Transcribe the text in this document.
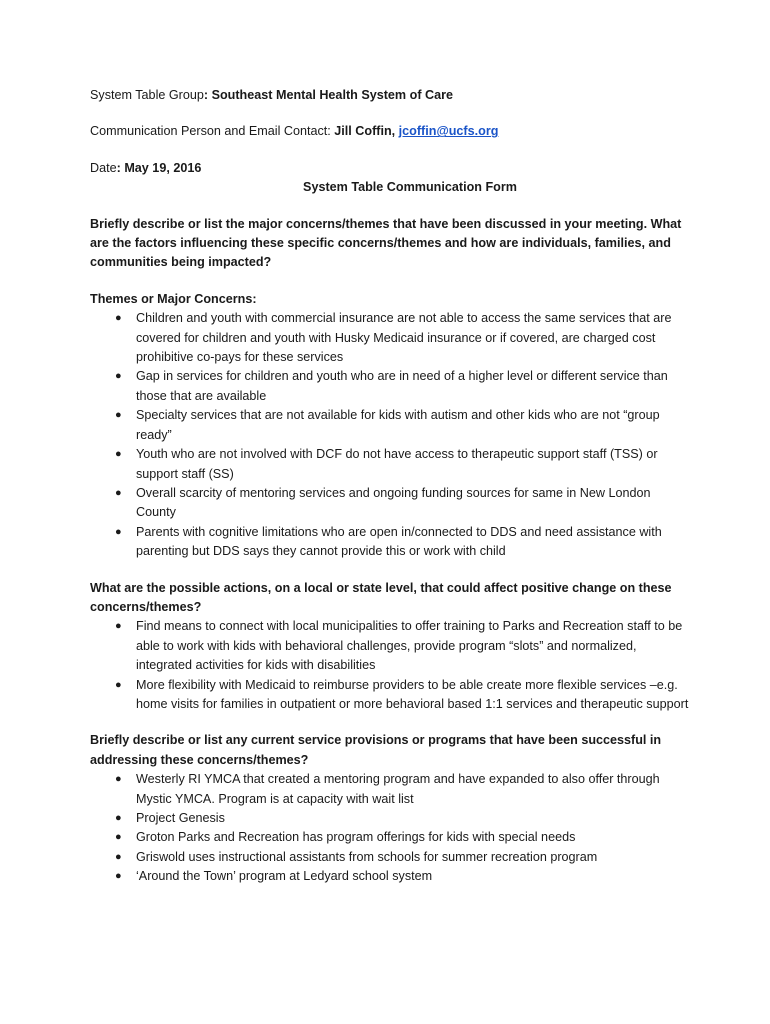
System Table Group: Southeast Mental Health System of Care

Communication Person and Email Contact: Jill Coffin, jcoffin@ucfs.org

Date: May 19, 2016

System Table Communication Form

Briefly describe or list the major concerns/themes that have been discussed in your meeting. What are the factors influencing these specific concerns/themes and how are individuals, families, and communities being impacted?

Themes or Major Concerns:

● Children and youth with commercial insurance are not able to access the same services that are covered for children and youth with Husky Medicaid insurance or if covered, are charged cost prohibitive co-pays for these services
● Gap in services for children and youth who are in need of a higher level or different service than those that are available
● Specialty services that are not available for kids with autism and other kids who are not “group ready”
● Youth who are not involved with DCF do not have access to therapeutic support staff (TSS) or support staff (SS)
● Overall scarcity of mentoring services and ongoing funding sources for same in New London County
● Parents with cognitive limitations who are open in/connected to DDS and need assistance with parenting but DDS says they cannot provide this or work with child

What are the possible actions, on a local or state level, that could affect positive change on these concerns/themes?

● Find means to connect with local municipalities to offer training to Parks and Recreation staff to be able to work with kids with behavioral challenges, provide program “slots” and normalized, integrated activities for kids with disabilities
● More flexibility with Medicaid to reimburse providers to be able create more flexible services –e.g. home visits for families in outpatient or more behavioral based 1:1 services and therapeutic support

Briefly describe or list any current service provisions or programs that have been successful in addressing these concerns/themes?

● Westerly RI YMCA that created a mentoring program and have expanded to also offer through Mystic YMCA. Program is at capacity with wait list
● Project Genesis
● Groton Parks and Recreation has program offerings for kids with special needs
● Griswold uses instructional assistants from schools for summer recreation program
● ‘Around the Town’ program at Ledyard school system
